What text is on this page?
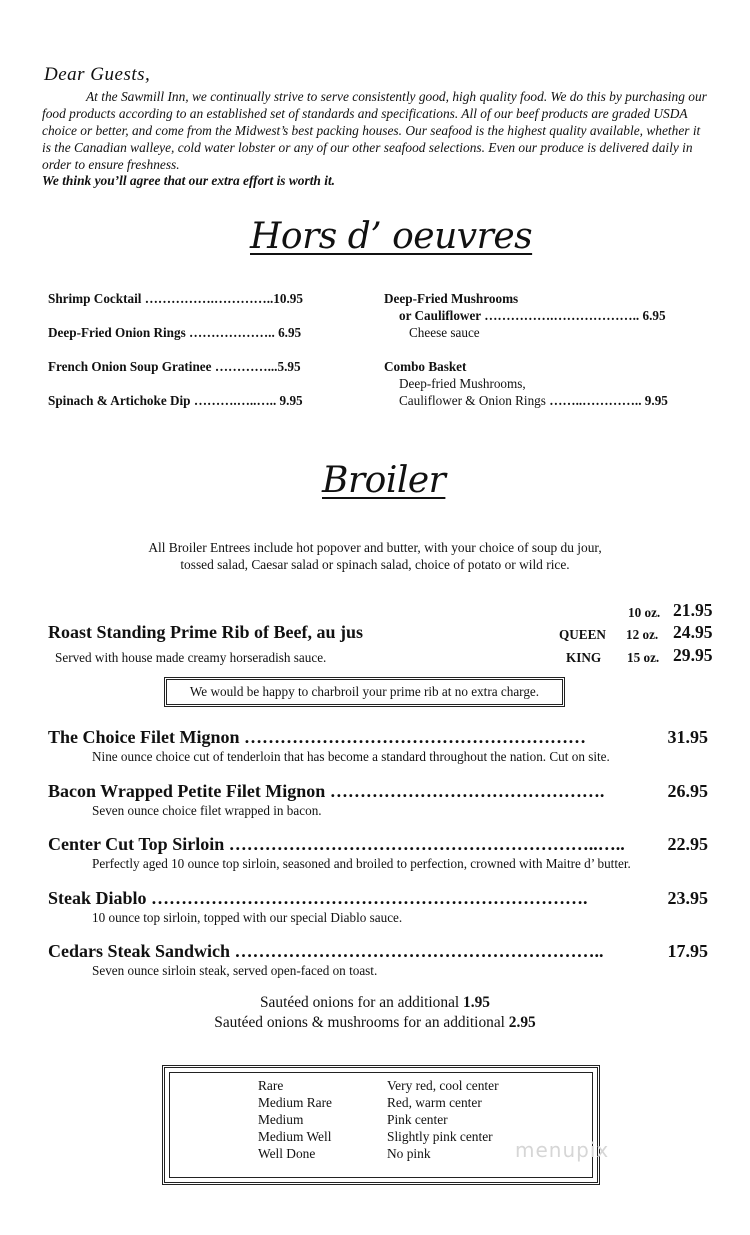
Dear Guests,
At the Sawmill Inn, we continually strive to serve consistently good, high quality food. We do this by purchasing our food products according to an established set of standards and specifications. All of our beef products are graded USDA choice or better, and come from the Midwest’s best packing houses. Our seafood is the highest quality available, whether it is the Canadian walleye, cold water lobster or any of our other seafood selections. Even our produce is delivered daily in order to ensure freshness.
We think you’ll agree that our extra effort is worth it.
Hors d’ oeuvres
Shrimp Cocktail …………….…………..10.95
Deep-Fried Onion Rings ……………….. 6.95
French Onion Soup Gratinee …………...5.95
Spinach & Artichoke Dip ……….…..….. 9.95
Deep-Fried Mushrooms
or Cauliflower …………….……………….. 6.95
Cheese sauce
Combo Basket
Deep-fried Mushrooms,
Cauliflower & Onion Rings ……..………….. 9.95
Broiler
All Broiler Entrees include hot popover and butter, with your choice of soup du jour,
tossed salad, Caesar salad or spinach salad, choice of potato or wild rice.
Roast Standing Prime Rib of Beef, au jus
Served with house made creamy horseradish sauce.
10 oz. 21.95
QUEEN 12 oz. 24.95
KING 15 oz. 29.95
We would be happy to charbroil your prime rib at no extra charge.
The Choice Filet Mignon …………………………………………………	31.95
Nine ounce choice cut of tenderloin that has become a standard throughout the nation. Cut on site.
Bacon Wrapped Petite Filet Mignon ……………………………………….	26.95
Seven ounce choice filet wrapped in bacon.
Center Cut Top Sirloin ……………………………………………………..….. 22.95
Perfectly aged 10 ounce top sirloin, seasoned and broiled to perfection, crowned with Maitre d’ butter.
Steak Diablo ……………………………………………………………….	23.95
10 ounce top sirloin, topped with our special Diablo sauce.
Cedars Steak Sandwich ……………………………………………………..	17.95
Seven ounce sirloin steak, served open-faced on toast.
Sautéed onions for an additional 1.95
Sautéed onions & mushrooms for an additional 2.95
Rare	Very red, cool center
Medium Rare	Red, warm center
Medium	Pink center
Medium Well	Slightly pink center
Well Done	No pink	menupix
